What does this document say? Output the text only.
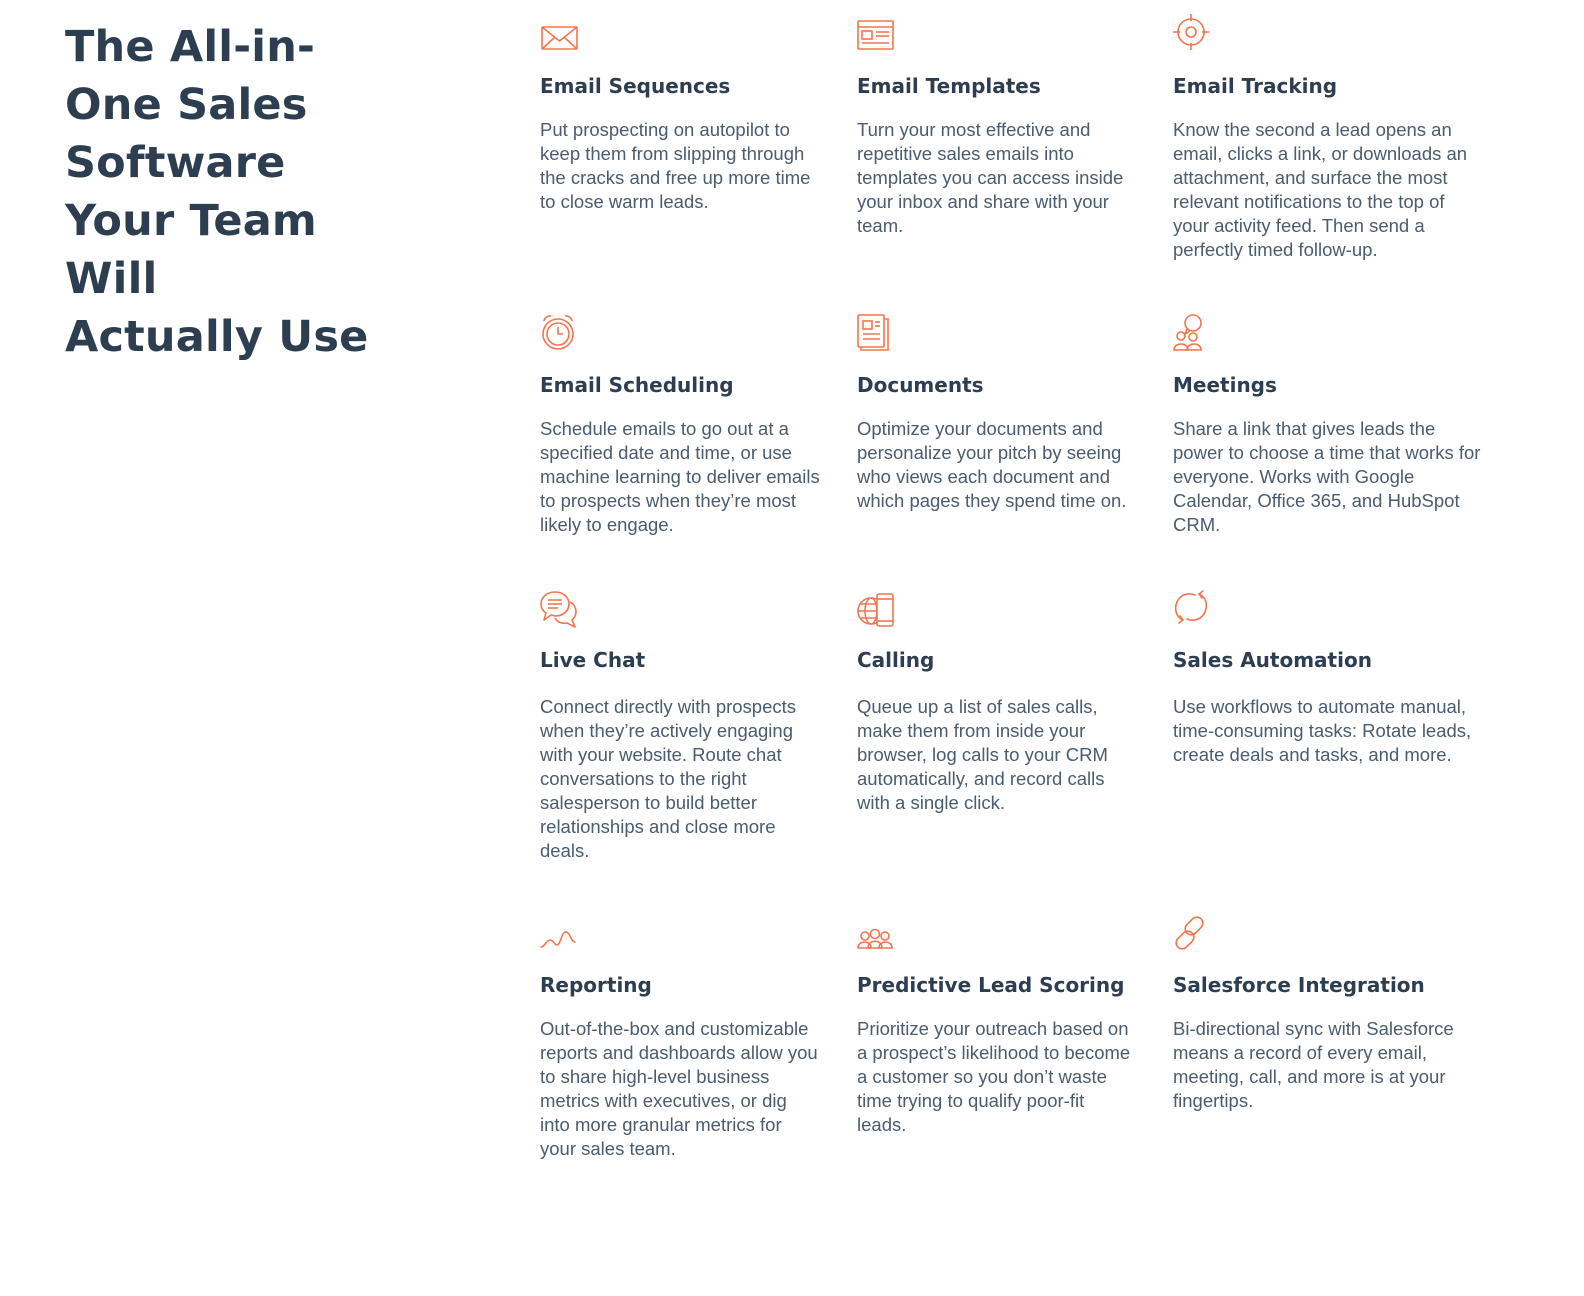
The All-in-
One Sales
Software
Your Team
Will
Actually Use
Email Sequences

Put prospecting on autopilot to keep them from slipping through the cracks and free up more time to close warm leads.

Email Templates

Turn your most effective and repetitive sales emails into templates you can access inside your inbox and share with your team.

Email Tracking

Know the second a lead opens an email, clicks a link, or downloads an attachment, and surface the most relevant notifications to the top of your activity feed. Then send a perfectly timed follow-up.

Email Scheduling

Schedule emails to go out at a specified date and time, or use machine learning to deliver emails to prospects when they’re most likely to engage.

Documents

Optimize your documents and personalize your pitch by seeing who views each document and which pages they spend time on.

Meetings

Share a link that gives leads the power to choose a time that works for everyone. Works with Google Calendar, Office 365, and HubSpot CRM.

Live Chat

Connect directly with prospects when they’re actively engaging with your website. Route chat conversations to the right salesperson to build better relationships and close more deals.

Calling

Queue up a list of sales calls, make them from inside your browser, log calls to your CRM automatically, and record calls with a single click.

Sales Automation

Use workflows to automate manual, time-consuming tasks: Rotate leads, create deals and tasks, and more.

Reporting

Out-of-the-box and customizable reports and dashboards allow you to share high-level business metrics with executives, or dig into more granular metrics for your sales team.

Predictive Lead Scoring

Prioritize your outreach based on a prospect’s likelihood to become a customer so you don’t waste time trying to qualify poor-fit leads.

Salesforce Integration

Bi-directional sync with Salesforce means a record of every email, meeting, call, and more is at your fingertips.
